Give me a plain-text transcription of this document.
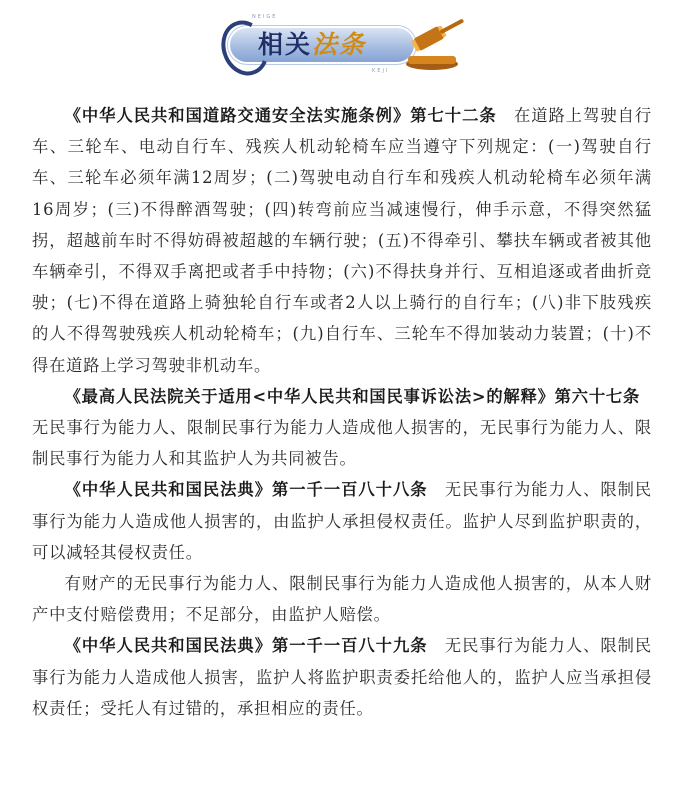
NEIGE
相关法条
KEJI

《中华人民共和国道路交通安全法实施条例》第七十二条　在道路上驾驶自行车、三轮车、电动自行车、残疾人机动轮椅车应当遵守下列规定：(一)驾驶自行车、三轮车必须年满12周岁；(二)驾驶电动自行车和残疾人机动轮椅车必须年满16周岁；(三)不得醉酒驾驶；(四)转弯前应当减速慢行，伸手示意，不得突然猛拐，超越前车时不得妨碍被超越的车辆行驶；(五)不得牵引、攀扶车辆或者被其他车辆牵引，不得双手离把或者手中持物；(六)不得扶身并行、互相追逐或者曲折竞驶；(七)不得在道路上骑独轮自行车或者2人以上骑行的自行车；(八)非下肢残疾的人不得驾驶残疾人机动轮椅车；(九)自行车、三轮车不得加装动力装置；(十)不得在道路上学习驾驶非机动车。

《最高人民法院关于适用<中华人民共和国民事诉讼法>的解释》第六十七条　无民事行为能力人、限制民事行为能力人造成他人损害的，无民事行为能力人、限制民事行为能力人和其监护人为共同被告。

《中华人民共和国民法典》第一千一百八十八条　无民事行为能力人、限制民事行为能力人造成他人损害的，由监护人承担侵权责任。监护人尽到监护职责的，可以减轻其侵权责任。

有财产的无民事行为能力人、限制民事行为能力人造成他人损害的，从本人财产中支付赔偿费用；不足部分，由监护人赔偿。

《中华人民共和国民法典》第一千一百八十九条　无民事行为能力人、限制民事行为能力人造成他人损害，监护人将监护职责委托给他人的，监护人应当承担侵权责任；受托人有过错的，承担相应的责任。
